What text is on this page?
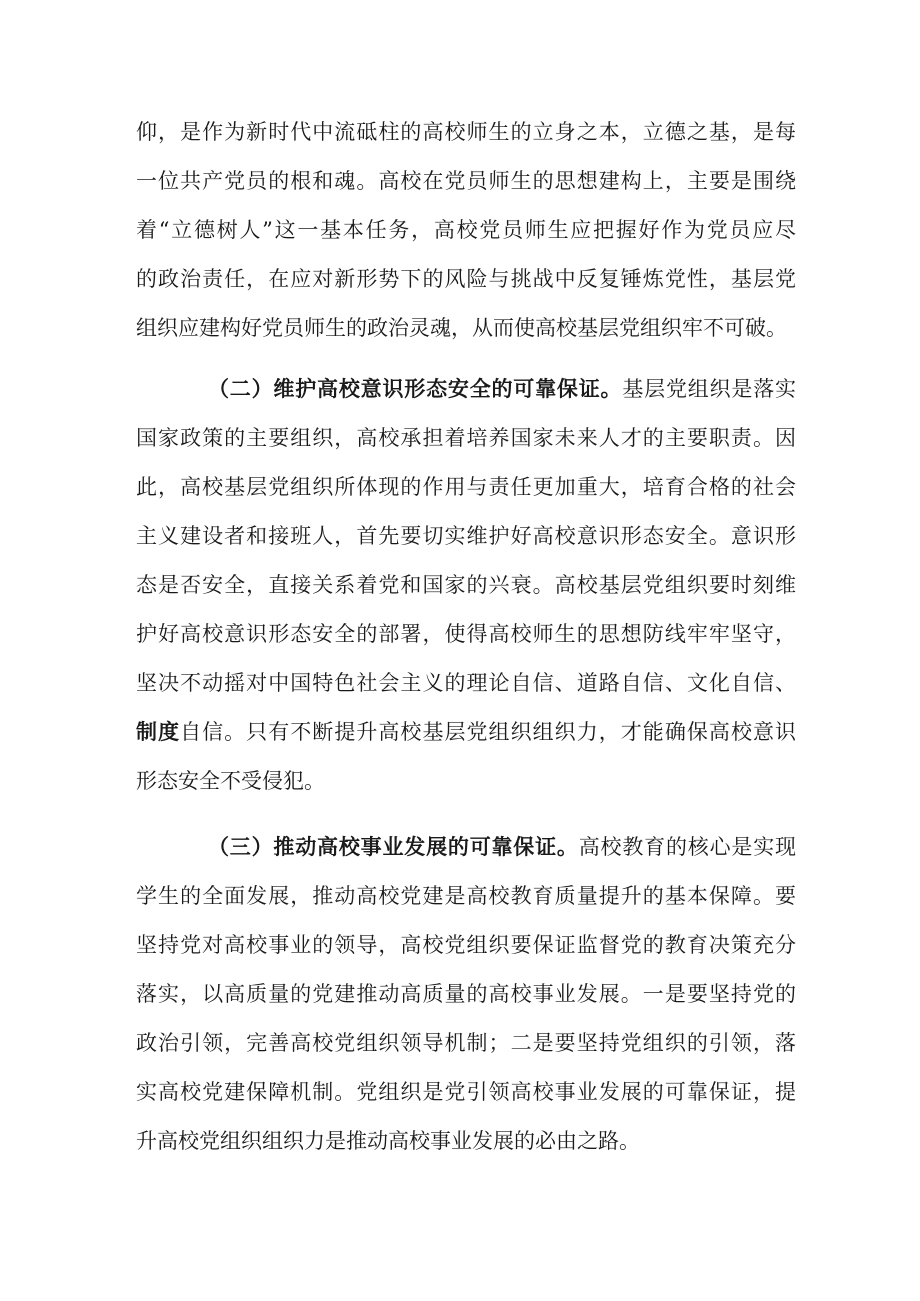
仰，是作为新时代中流砥柱的高校师生的立身之本，立德之基，是每
一位共产党员的根和魂。高校在党员师生的思想建构上，主要是围绕
着“立德树人”这一基本任务，高校党员师生应把握好作为党员应尽
的政治责任，在应对新形势下的风险与挑战中反复锤炼党性，基层党
组织应建构好党员师生的政治灵魂，从而使高校基层党组织牢不可破。
（二）维护高校意识形态安全的可靠保证。基层党组织是落实
国家政策的主要组织，高校承担着培养国家未来人才的主要职责。因
此，高校基层党组织所体现的作用与责任更加重大，培育合格的社会
主义建设者和接班人，首先要切实维护好高校意识形态安全。意识形
态是否安全，直接关系着党和国家的兴衰。高校基层党组织要时刻维
护好高校意识形态安全的部署，使得高校师生的思想防线牢牢坚守，
坚决不动摇对中国特色社会主义的理论自信、道路自信、文化自信、
制度自信。只有不断提升高校基层党组织组织力，才能确保高校意识
形态安全不受侵犯。
（三）推动高校事业发展的可靠保证。高校教育的核心是实现
学生的全面发展，推动高校党建是高校教育质量提升的基本保障。要
坚持党对高校事业的领导，高校党组织要保证监督党的教育决策充分
落实，以高质量的党建推动高质量的高校事业发展。一是要坚持党的
政治引领，完善高校党组织领导机制；二是要坚持党组织的引领，落
实高校党建保障机制。党组织是党引领高校事业发展的可靠保证，提
升高校党组织组织力是推动高校事业发展的必由之路。
